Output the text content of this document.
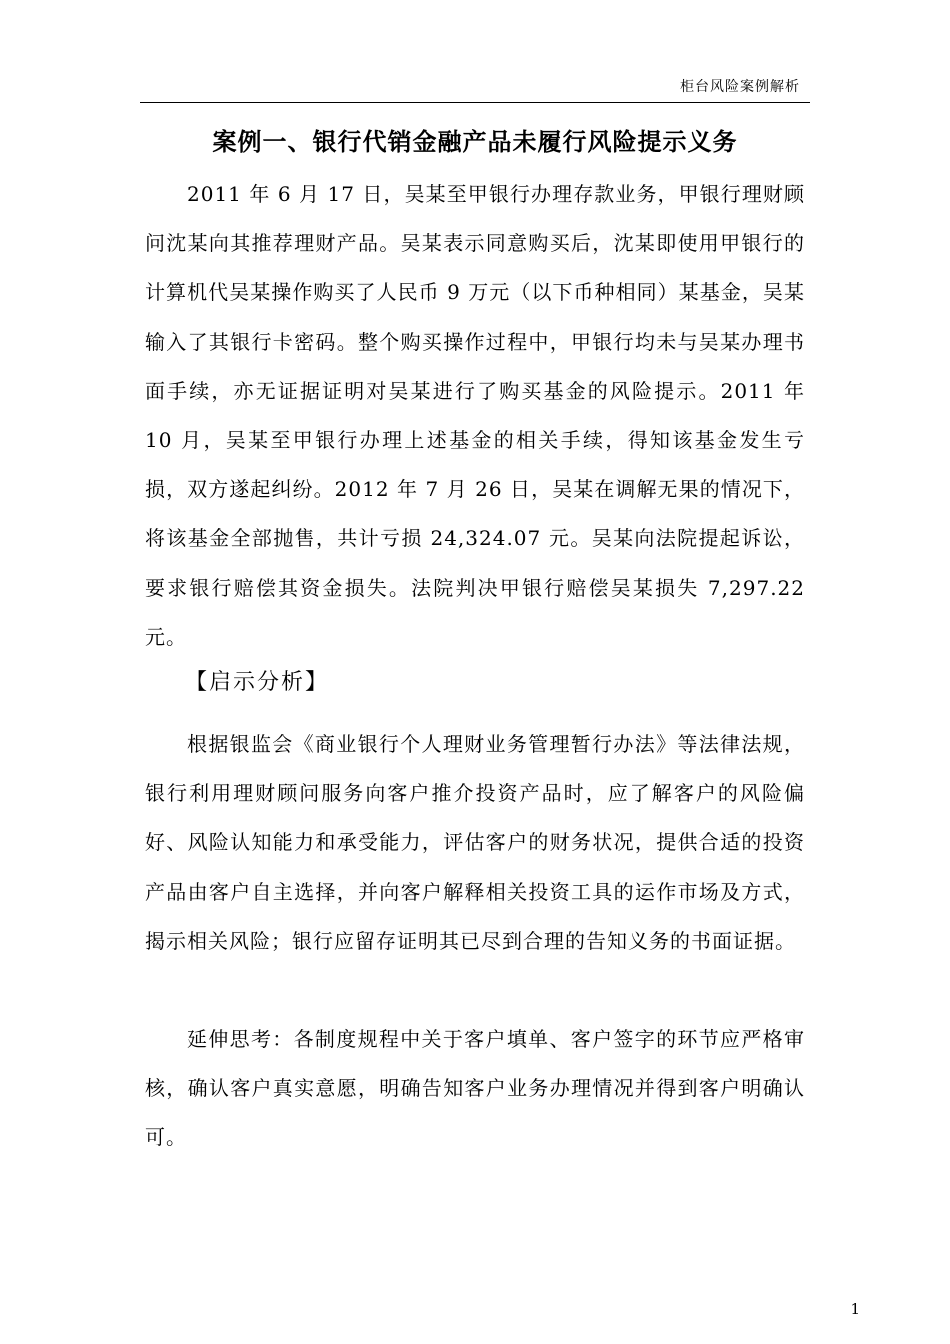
柜台风险案例解析
案例一、银行代销金融产品未履行风险提示义务

2011 年 6 月 17 日，吴某至甲银行办理存款业务，甲银行理财顾问沈某向其推荐理财产品。吴某表示同意购买后，沈某即使用甲银行的计算机代吴某操作购买了人民币 9 万元（以下币种相同）某基金，吴某输入了其银行卡密码。整个购买操作过程中，甲银行均未与吴某办理书面手续，亦无证据证明对吴某进行了购买基金的风险提示。2011 年 10 月，吴某至甲银行办理上述基金的相关手续，得知该基金发生亏损，双方遂起纠纷。2012 年 7 月 26 日，吴某在调解无果的情况下，将该基金全部抛售，共计亏损 24,324.07 元。吴某向法院提起诉讼，要求银行赔偿其资金损失。法院判决甲银行赔偿吴某损失 7,297.22 元。

【启示分析】

根据银监会《商业银行个人理财业务管理暂行办法》等法律法规，银行利用理财顾问服务向客户推介投资产品时，应了解客户的风险偏好、风险认知能力和承受能力，评估客户的财务状况，提供合适的投资产品由客户自主选择，并向客户解释相关投资工具的运作市场及方式，揭示相关风险；银行应留存证明其已尽到合理的告知义务的书面证据。

延伸思考：各制度规程中关于客户填单、客户签字的环节应严格审核，确认客户真实意愿，明确告知客户业务办理情况并得到客户明确认可。

1
